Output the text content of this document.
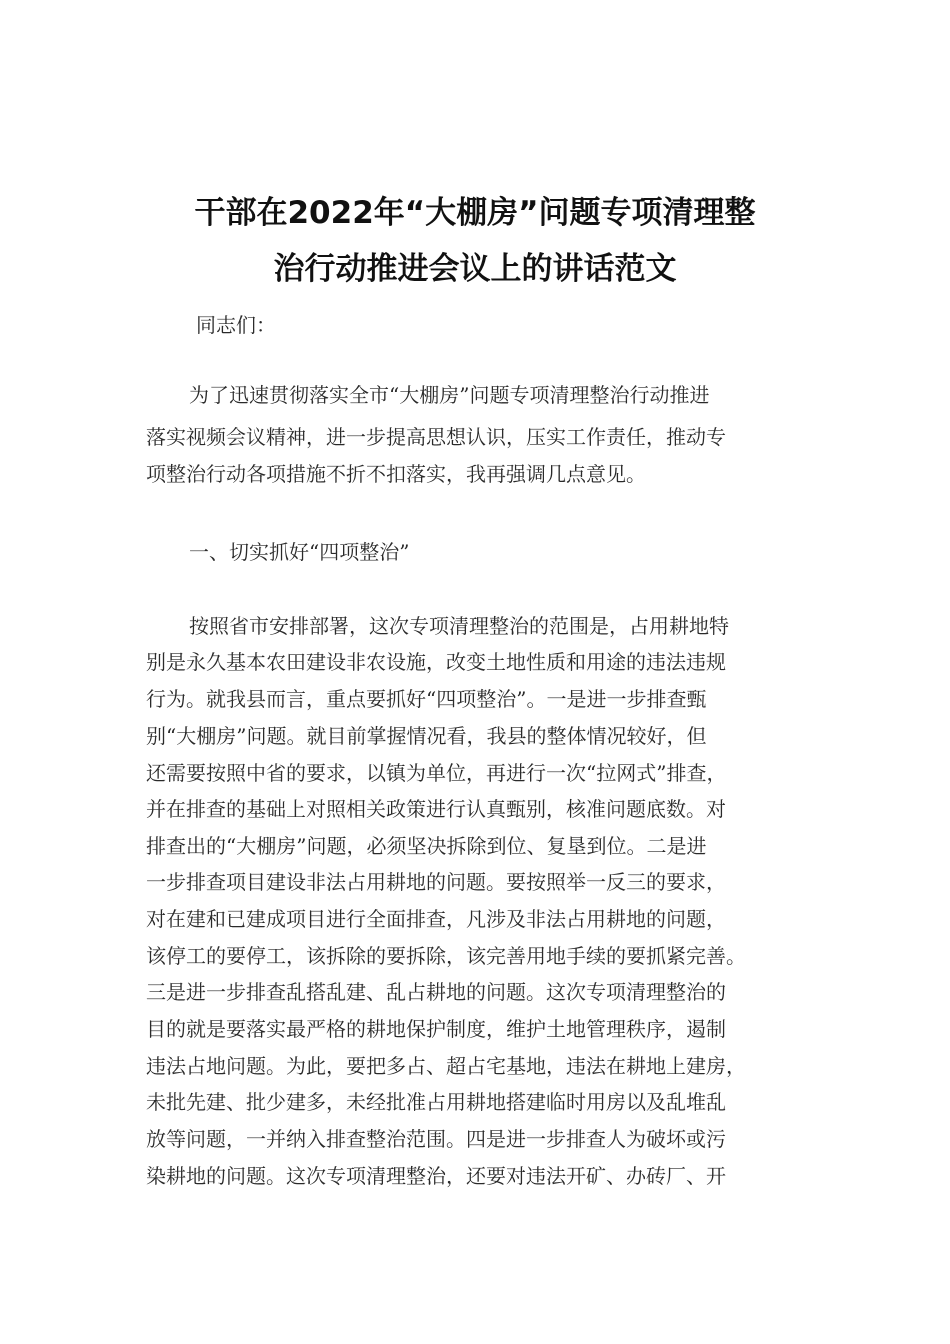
干部在2022年“大棚房”问题专项清理整
治行动推进会议上的讲话范文

同志们：

为了迅速贯彻落实全市“大棚房”问题专项清理整治行动推进

落实视频会议精神，进一步提高思想认识，压实工作责任，推动专

项整治行动各项措施不折不扣落实，我再强调几点意见。

一、切实抓好“四项整治”

按照省市安排部署，这次专项清理整治的范围是，占用耕地特

别是永久基本农田建设非农设施，改变土地性质和用途的违法违规

行为。就我县而言，重点要抓好“四项整治”。一是进一步排查甄

别“大棚房”问题。就目前掌握情况看，我县的整体情况较好，但

还需要按照中省的要求，以镇为单位，再进行一次“拉网式”排查，

并在排查的基础上对照相关政策进行认真甄别，核准问题底数。对

排查出的“大棚房”问题，必须坚决拆除到位、复垦到位。二是进

一步排查项目建设非法占用耕地的问题。要按照举一反三的要求，

对在建和已建成项目进行全面排查，凡涉及非法占用耕地的问题，

该停工的要停工，该拆除的要拆除，该完善用地手续的要抓紧完善。

三是进一步排查乱搭乱建、乱占耕地的问题。这次专项清理整治的

目的就是要落实最严格的耕地保护制度，维护土地管理秩序，遏制

违法占地问题。为此，要把多占、超占宅基地，违法在耕地上建房，

未批先建、批少建多，未经批准占用耕地搭建临时用房以及乱堆乱

放等问题，一并纳入排查整治范围。四是进一步排查人为破坏或污

染耕地的问题。这次专项清理整治，还要对违法开矿、办砖厂、开
